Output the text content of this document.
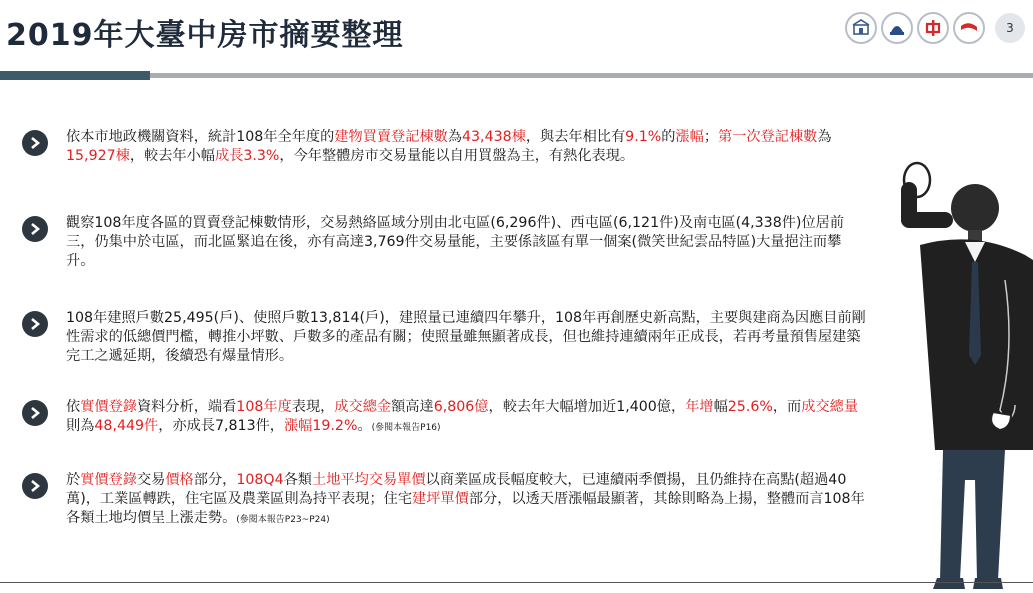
2019年大臺中房市摘要整理	3
依本市地政機關資料，統計108年全年度的建物買賣登記棟數為43,438棟，與去年相比有9.1%的漲幅；第一次登記棟數為15,927棟，較去年小幅成長3.3%，今年整體房市交易量能以自用買盤為主，有熱化表現。
觀察108年度各區的買賣登記棟數情形，交易熱絡區域分別由北屯區(6,296件)、西屯區(6,121件)及南屯區(4,338件)位居前三，仍集中於屯區，而北區緊追在後，亦有高達3,769件交易量能，主要係該區有單一個案(微笑世紀雲品特區)大量挹注而攀升。
108年建照戶數25,495(戶)、使照戶數13,814(戶)，建照量已連續四年攀升，108年再創歷史新高點，主要與建商為因應目前剛性需求的低總價門檻，轉推小坪數、戶數多的產品有關；使照量雖無顯著成長，但也維持連續兩年正成長，若再考量預售屋建築完工之遞延期，後續恐有爆量情形。
依實價登錄資料分析，端看108年度表現，成交總金額高達6,806億，較去年大幅增加近1,400億，年增幅25.6%，而成交總量則為48,449件，亦成長7,813件，漲幅19.2%。(參閱本報告P16)
於實價登錄交易價格部分，108Q4各類土地平均交易單價以商業區成長幅度較大，已連續兩季價揚，且仍維持在高點(超過40萬)，工業區轉跌，住宅區及農業區則為持平表現；住宅建坪單價部分，以透天厝漲幅最顯著，其餘則略為上揚，整體而言108年各類土地均價呈上漲走勢。(參閱本報告P23~P24)
